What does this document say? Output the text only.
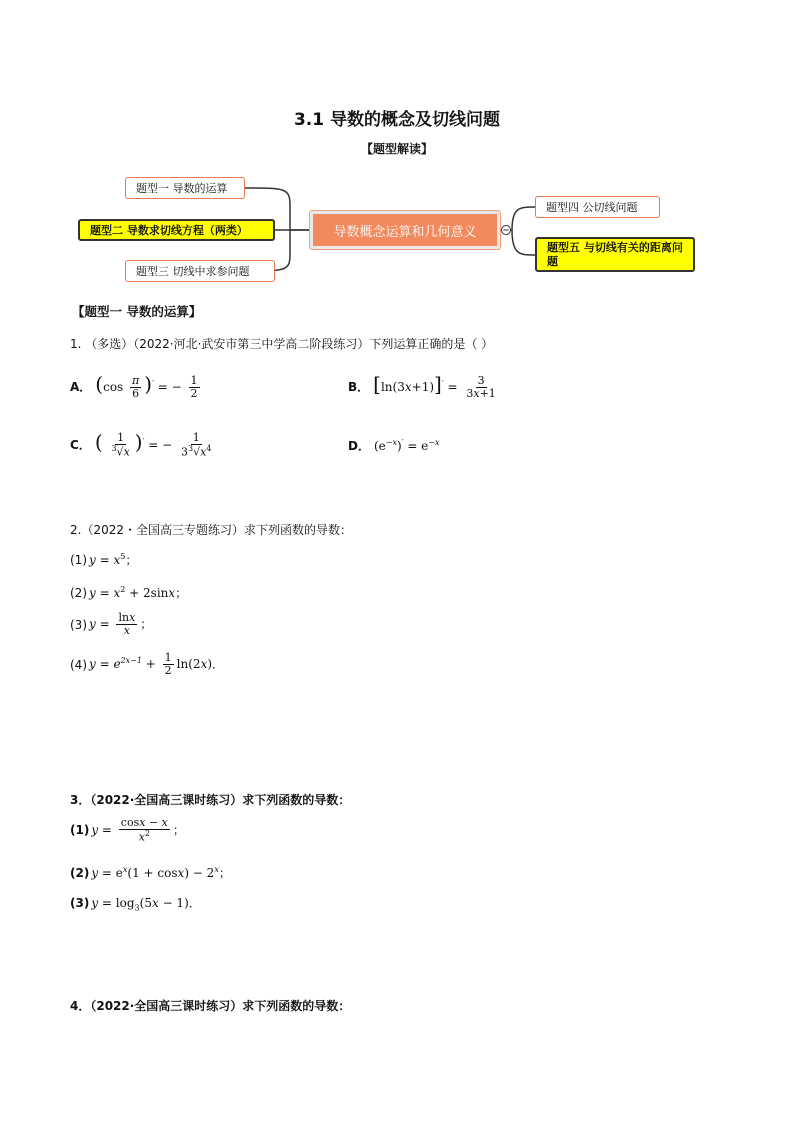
3.1 导数的概念及切线问题
【题型解读】
题型一 导数的运算
题型二 导数求切线方程（两类）
题型三 切线中求参问题
导数概念运算和几何意义
题型四 公切线问题
题型五 与切线有关的距离问题
【题型一 导数的运算】
1. （多选）（2022·河北·武安市第三中学高二阶段练习）下列运算正确的是（ ）
A． $(\cos \frac{\pi}{6} )'$ = − $\frac{1}{2}$	B． $[\ln(3x+1)]' = \frac{3}{3x+1}$
C． ( $\frac{1}{^3√x} )'$ = − $\frac{1}{3^3√x^4}$	D． $(e^{-x})' = e^{-x}$
2.（2022・全国高三专题练习）求下列函数的导数：
(1) $y = x^5$；
(2) $y = x^2 + 2\sin x$；
(3) $y = \frac{\ln x}{x}$ ；
(4) $y = e^{2x-1} + \frac{1}{2} \ln(2x)$．
3．（2022·全国高三课时练习）求下列函数的导数：
(1) $y = \frac{\cos x - x}{x^2}$ ；
(2) $y = e^x(1 + \cos x) - 2^x$；
(3) $y = \log_3(5x - 1)$．
4．（2022·全国高三课时练习）求下列函数的导数：
